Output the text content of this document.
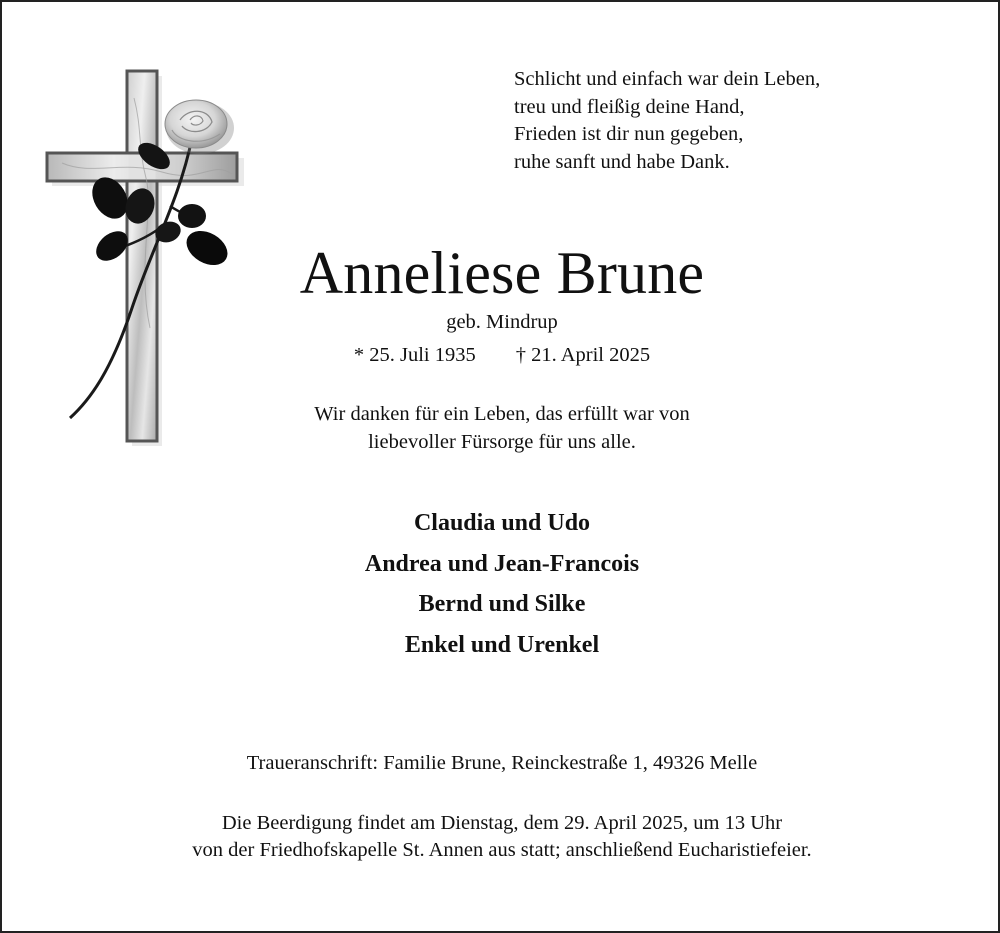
Schlicht und einfach war dein Leben,
treu und fleißig deine Hand,
Frieden ist dir nun gegeben,
ruhe sanft und habe Dank.
Anneliese Brune
geb. Mindrup
* 25. Juli 1935 † 21. April 2025
Wir danken für ein Leben, das erfüllt war von
liebevoller Fürsorge für uns alle.
Claudia und Udo
Andrea und Jean-Francois
Bernd und Silke
Enkel und Urenkel
Traueranschrift: Familie Brune, Reinckestraße 1, 49326 Melle
Die Beerdigung findet am Dienstag, dem 29. April 2025, um 13 Uhr
von der Friedhofskapelle St. Annen aus statt; anschließend Eucharistiefeier.
